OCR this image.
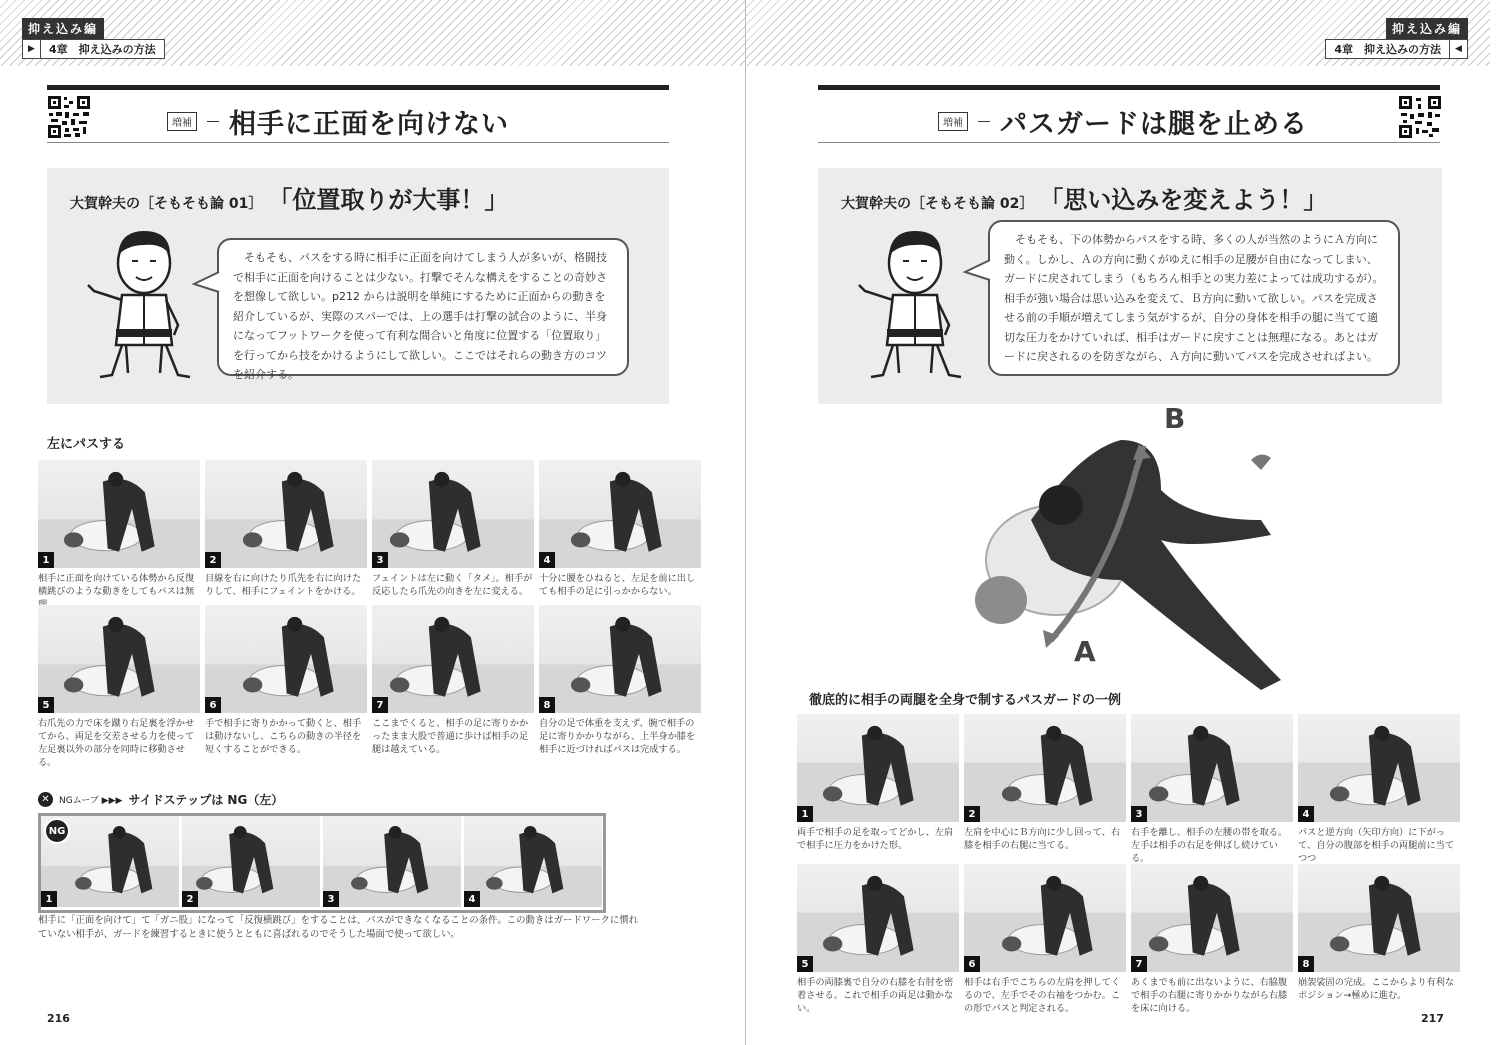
抑え込み編
▶	4章　抑え込みの方法
増補 相手に正面を向けない
大賀幹夫の［そもそも論 01］ 「位置取りが大事！」
そもそも、パスをする時に相手に正面を向けてしまう人が多いが、格闘技で相手に正面を向けることは少ない。打撃でそんな構えをすることの奇妙さを想像して欲しい。p212 からは説明を単純にするために正面からの動きを紹介しているが、実際のスパーでは、上の選手は打撃の試合のように、半身になってフットワークを使って有利な間合いと角度に位置する「位置取り」を行ってから技をかけるようにして欲しい。ここではそれらの動き方のコツを紹介する。
左にパスする
1
相手に正面を向けている体勢から反復横跳びのような動きをしてもパスは無
2
目線を右に向けたり爪先を右に向けたりして、相手にフェイントをかける。
3
フェイントは左に動く「タメ」。相手が反応したら爪先の向きを左に変える。
4
十分に腰をひねると、左足を前に出しても相手の足に引っかからない。
5
右爪先の力で床を蹴り右足裏を浮かせてから、両足を交差させる力を使って左足裏以外の部分を同時に移動させる。
6
手で相手に寄りかかって動くと、相手は動けないし、こちらの動きの半径を短くすることができる。
7
ここまでくると、相手の足に寄りかかったまま大股で普通に歩けば相手の足腿は越えている。
8
自分の足で体重を支えず、腕で相手の足に寄りかかりながら、上半身か膝を相手に近づければパスは完成する。
✕	NGムーブ ▶▶▶ サイドステップは NG（左）
1	2	3	4
NG
相手に「正面を向けて」て「ガニ股」になって「反復横跳び」をすることは、パスができなくなることの条件。この動きはガードワークに慣れていない相手が、ガードを練習するときに使うとともに喜ばれるのでそうした場面で使って欲しい。
216
抑え込み編
4章　抑え込みの方法	◀
増補 パスガードは腿を止める
大賀幹夫の［そもそも論 02］ 「思い込みを変えよう！」
そもそも、下の体勢からパスをする時、多くの人が当然のようにＡ方向に動く。しかし、Ａの方向に動くがゆえに相手の足腰が自由になってしまい、ガードに戻されてしまう（もちろん相手との実力差によっては成功するが）。相手が強い場合は思い込みを変えて、Ｂ方向に動いて欲しい。パスを完成させる前の手順が増えてしまう気がするが、自分の身体を相手の腿に当てて適切な圧力をかけていれば、相手はガードに戻すことは無理になる。あとはガードに戻されるのを防ぎながら、Ａ方向に動いてパスを完成させればよい。
B
A
徹底的に相手の両腿を全身で制するパスガードの一例
1
両手で相手の足を取ってどかし、左肩で相手に圧力をかけた形。
2
左肩を中心にＢ方向に少し回って、右膝を相手の右腿に当てる。
3
右手を離し、相手の左腰の帯を取る。左手は相手の右足を伸ばし続けている。
4
パスと逆方向（矢印方向）に下がって、自分の腹部を相手の両腿前に当てつつ
5
相手の両膝裏で自分の右膝を右肘を密着させる。これで相手の両足は動かない。
6
相手は右手でこちらの左肩を押してくるので、左手でその右袖をつかむ。この形でパスと判定される。
7
あくまでも前に出ないように、右脇腹で相手の右腿に寄りかかりながら右膝を床に向ける。
8
崩袈裟固の完成。ここからより有利なポジション→極めに進む。
217
